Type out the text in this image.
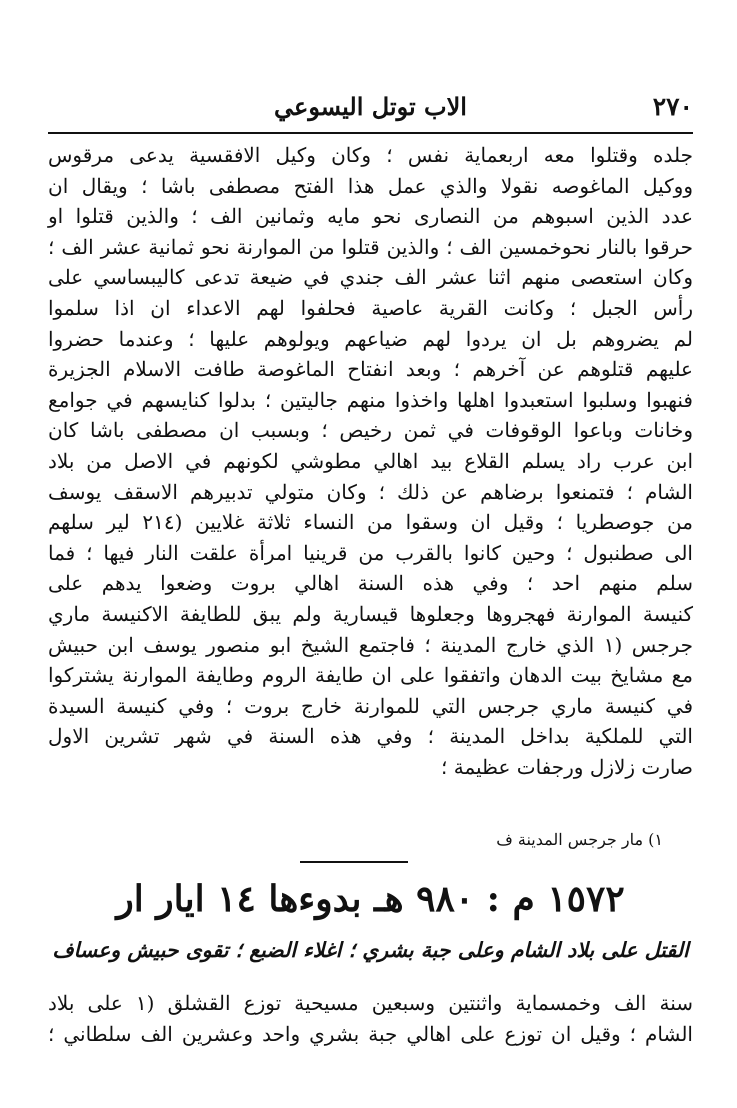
٢٧٠
الاب توتل اليسوعي
جلده وقتلوا معه اربعماية نفس ؛ وكان وكيل الافقسية يدعى مرقوس
ووكيل الماغوصه نقولا والذي عمل هذا الفتح مصطفى باشا ؛ ويقال ان
عدد الذين اسبوهم من النصارى نحو مايه وثمانين الف ؛ والذين قتلوا او
حرقوا بالنار نحوخمسين الف ؛ والذين قتلوا من الموارنة نحو ثمانية عشر الف ؛
وكان استعصى منهم اثنا عشر الف جندي في ضيعة تدعى كاليبساسي على
رأس الجبل ؛ وكانت القرية عاصية فحلفوا لهم الاعداء ان اذا سلموا
لم يضروهم بل ان يردوا لهم ضياعهم ويولوهم عليها ؛ وعندما حضروا
عليهم قتلوهم عن آخرهم ؛ وبعد انفتاح الماغوصة طافت الاسلام الجزيرة
فنهبوا وسلبوا استعبدوا اهلها واخذوا منهم جاليتين ؛ بدلوا كنايسهم في جوامع
وخانات وباعوا الوقوفات في ثمن رخيص ؛ وبسبب ان مصطفى باشا كان
ابن عرب راد يسلم القلاع بيد اهالي مطوشي لكونهم في الاصل من بلاد
الشام ؛ فتمنعوا برضاهم عن ذلك ؛ وكان متولي تدبيرهم الاسقف يوسف
من جوصطريا ؛ وقيل ان وسقوا من النساء ثلاثة غلايين (٢١٤ لير سلهم
الى صطنبول ؛ وحين كانوا بالقرب من قرينيا امرأة علقت النار فيها ؛ فما
سلم منهم احد ؛ وفي هذه السنة اهالي بروت وضعوا يدهم على
كنيسة الموارنة فهجروها وجعلوها قيسارية ولم يبق للطايفة الاكنيسة ماري
جرجس (١ الذي خارج المدينة ؛ فاجتمع الشيخ ابو منصور يوسف ابن حبيش
مع مشايخ بيت الدهان واتفقوا على ان طايفة الروم وطايفة الموارنة يشتركوا
في كنيسة ماري جرجس التي للموارنة خارج بروت ؛ وفي كنيسة السيدة
التي للملكية بداخل المدينة ؛ وفي هذه السنة في شهر تشرين الاول
صارت زلازل ورجفات عظيمة ؛
١) مار جرجس المدينة ف
١٥٧٢ م : ٩٨٠ هـ بدوءها ١٤ ايار ار
القتل على بلاد الشام وعلى جبة بشري ؛ اغلاء الضبع ؛ تقوى حبيش وعساف
سنة الف وخمسماية واثنتين وسبعين مسيحية توزع القشلق (١ على بلاد
الشام ؛ وقيل ان توزع على اهالي جبة بشري واحد وعشرين الف سلطاني ؛
